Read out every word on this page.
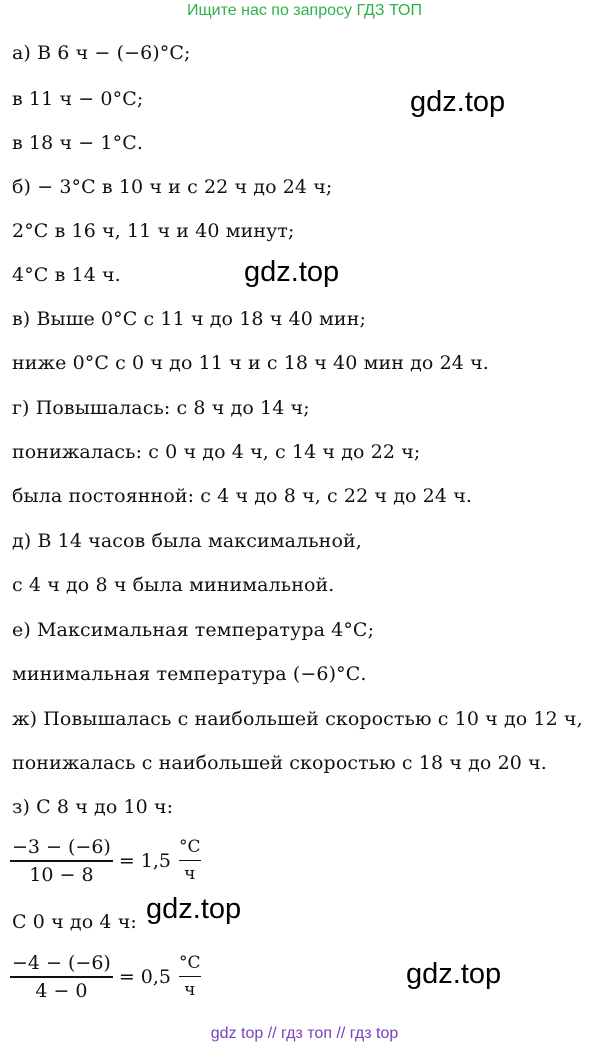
Ищите нас по запросу ГДЗ ТОП
а) В 6 ч − (−6)°С;
в 11 ч − 0°С;
в 18 ч − 1°С.
б) − 3°С в 10 ч и с 22 ч до 24 ч;
2°С в 16 ч, 11 ч и 40 минут;
4°С в 14 ч.
в) Выше 0°С с 11 ч до 18 ч 40 мин;
ниже 0°С с 0 ч до 11 ч и с 18 ч 40 мин до 24 ч.
г) Повышалась: с 8 ч до 14 ч;
понижалась: с 0 ч до 4 ч, с 14 ч до 22 ч;
была постоянной: с 4 ч до 8 ч, с 22 ч до 24 ч.
д) В 14 часов была максимальной,
с 4 ч до 8 ч была минимальной.
е) Максимальная температура 4°С;
минимальная температура (−6)°С.
ж) Повышалась с наибольшей скоростью с 10 ч до 12 ч,
понижалась с наибольшей скоростью с 18 ч до 20 ч.
з) С 8 ч до 10 ч:
$\frac{-3 - (-6)}{10 - 8} = 1,5$
°С
ч
С 0 ч до 4 ч:
$\frac{-4 - (-6)}{4 - 0} = 0,5$
°С
ч
gdz.top
gdz.top
gdz.top
gdz.top
gdz top // гдз топ // гдз top
